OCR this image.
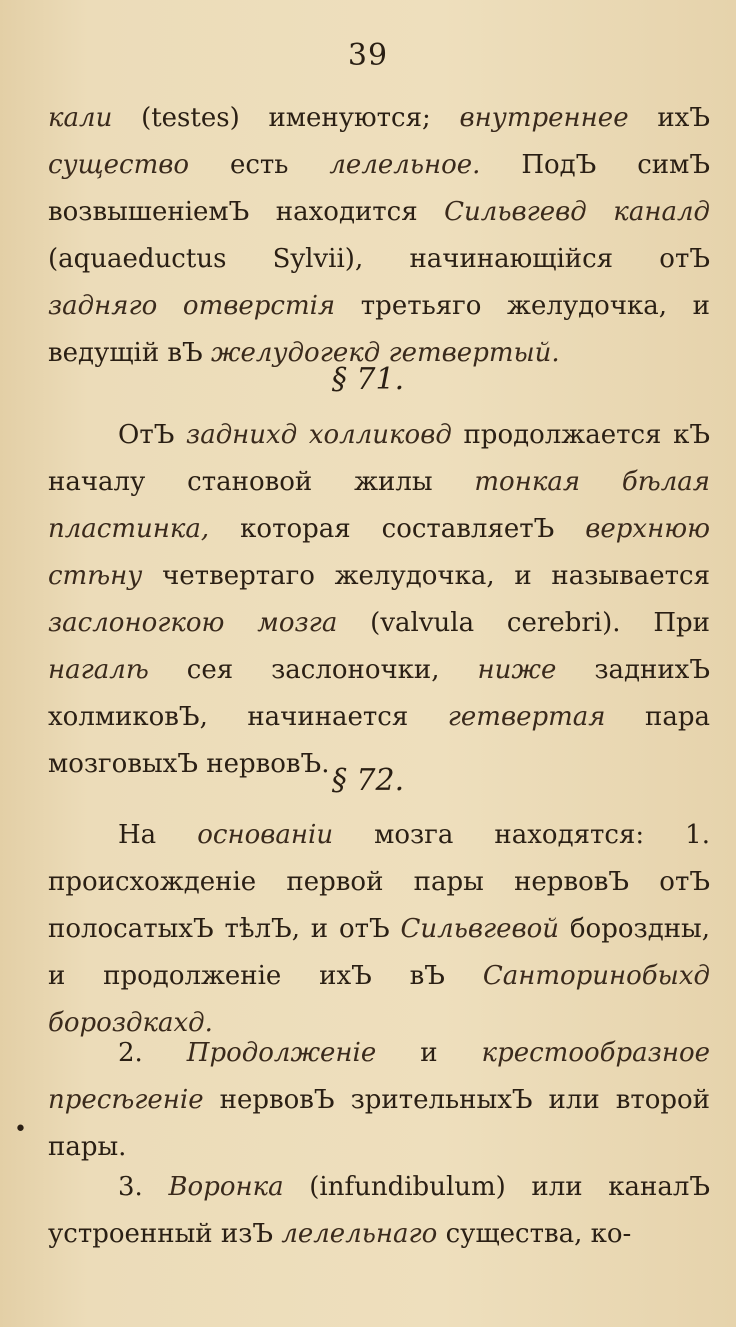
39

кали (testes) именуются; внутреннее ихЪ существо есть лелельное. ПодЪ симЪ возвышеніемЪ находится Сильвгевд каналд (aquaeductus Sylvii), начинающійся отЪ задняго отверстія третьяго желудочка, и ведущій вЪ желудогекд гетвертый.

§ 71.

ОтЪ заднихд холликовд продолжается кЪ началу становой жилы тонкая бѣлая пластинка, которая составляетЪ верхнюю стѣну четвертаго желудочка, и называется заслоногкою мозга (valvula cerebri). При нагалѣ сея заслоночки, ниже заднихЪ холмиковЪ, начинается гетвертая пара мозговыхЪ нервовЪ. § 72.

На основаніи мозга находятся: 1. происхожденіе первой пары нервовЪ отЪ полосатыхЪ тѣлЪ, и отЪ Сильвгевой бороздны, и продолженіе ихЪ вЪ Санторинобыхд бороздкахд.

2. Продолженіе и крестообразное пресѣгеніе нервовЪ зрительныхЪ или второй пары.

3. Воронка (infundibulum) или каналЪ устроенный изЪ лелельнаго существа, ко-

•
